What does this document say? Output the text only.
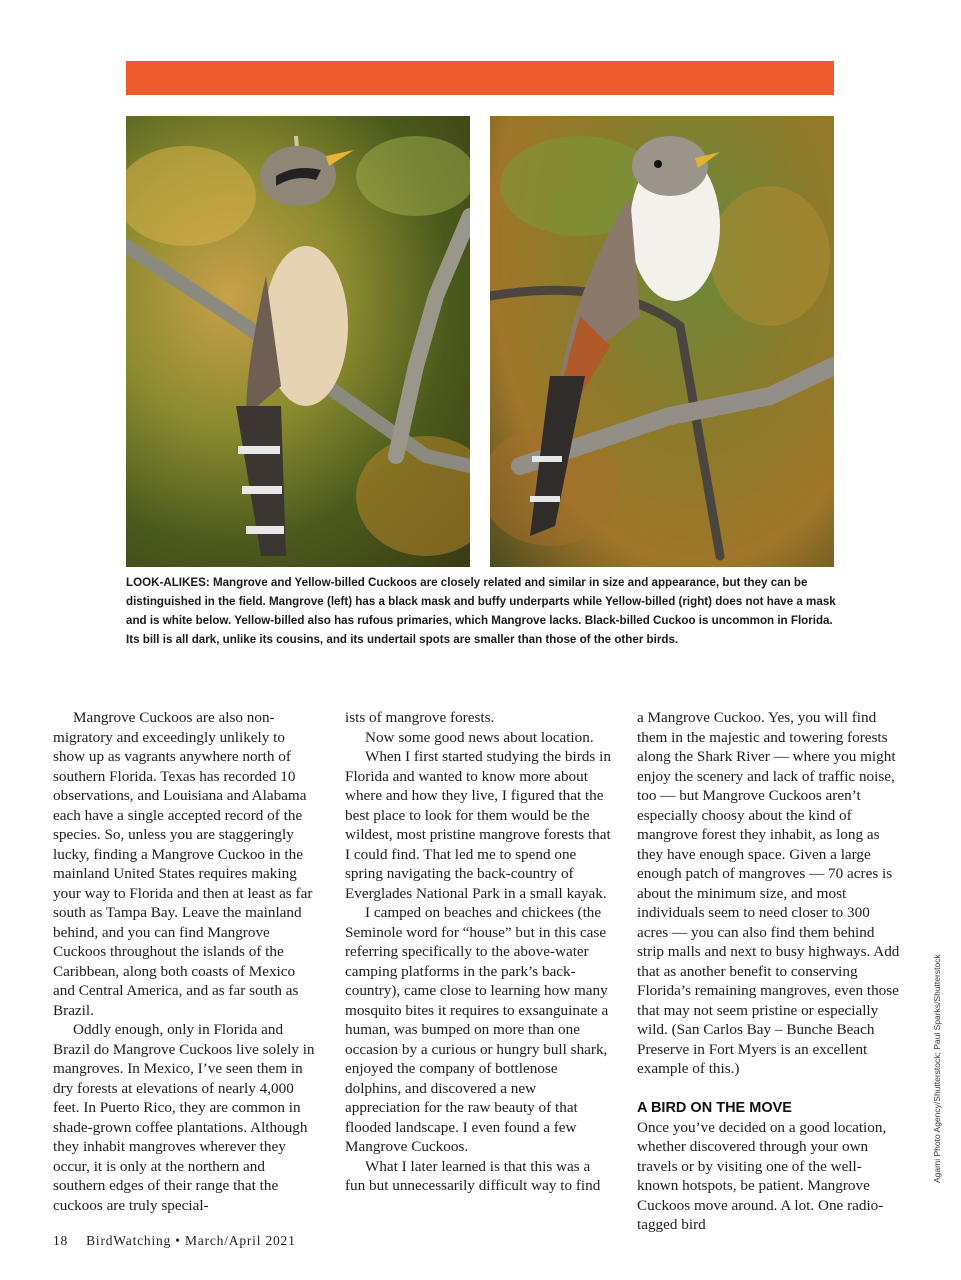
LOOK-ALIKES: Mangrove and Yellow-billed Cuckoos are closely related and similar in size and appearance, but they can be distinguished in the field. Mangrove (left) has a black mask and buffy underparts while Yellow-billed (right) does not have a mask and is white below. Yellow-billed also has rufous primaries, which Mangrove lacks. Black-billed Cuckoo is uncommon in Florida. Its bill is all dark, unlike its cousins, and its undertail spots are smaller than those of the other birds.

Mangrove Cuckoos are also non-migratory and exceedingly unlikely to show up as vagrants anywhere north of southern Florida. Texas has recorded 10 observations, and Louisiana and Alabama each have a single accepted record of the species. So, unless you are staggeringly lucky, finding a Mangrove Cuckoo in the mainland United States requires making your way to Florida and then at least as far south as Tampa Bay. Leave the mainland behind, and you can find Mangrove Cuckoos throughout the islands of the Caribbean, along both coasts of Mexico and Central America, and as far south as Brazil.

Oddly enough, only in Florida and Brazil do Mangrove Cuckoos live solely in mangroves. In Mexico, I’ve seen them in dry forests at elevations of nearly 4,000 feet. In Puerto Rico, they are common in shade-grown coffee plantations. Although they inhabit mangroves wherever they occur, it is only at the northern and southern edges of their range that the cuckoos are truly special-

ists of mangrove forests.

Now some good news about location.

When I first started studying the birds in Florida and wanted to know more about where and how they live, I figured that the best place to look for them would be the wildest, most pristine mangrove forests that I could find. That led me to spend one spring navigating the back-country of Everglades National Park in a small kayak.

I camped on beaches and chickees (the Seminole word for “house” but in this case referring specifically to the above-water camping platforms in the park’s back-country), came close to learning how many mosquito bites it requires to exsanguinate a human, was bumped on more than one occasion by a curious or hungry bull shark, enjoyed the company of bottlenose dolphins, and discovered a new appreciation for the raw beauty of that flooded landscape. I even found a few Mangrove Cuckoos.

What I later learned is that this was a fun but unnecessarily difficult way to find

a Mangrove Cuckoo. Yes, you will find them in the majestic and towering forests along the Shark River — where you might enjoy the scenery and lack of traffic noise, too — but Mangrove Cuckoos aren’t especially choosy about the kind of mangrove forest they inhabit, as long as they have enough space. Given a large enough patch of mangroves — 70 acres is about the minimum size, and most individuals seem to need closer to 300 acres — you can also find them behind strip malls and next to busy highways. Add that as another benefit to conserving Florida’s remaining mangroves, even those that may not seem pristine or especially wild. (San Carlos Bay – Bunche Beach Preserve in Fort Myers is an excellent example of this.)

A BIRD ON THE MOVE

Once you’ve decided on a good location, whether discovered through your own travels or by visiting one of the well-known hotspots, be patient. Mangrove Cuckoos move around. A lot. One radio-tagged bird

18 BirdWatching • March/April 2021
Agami Photo Agency/Shutterstock; Paul Sparks/Shutterstock
